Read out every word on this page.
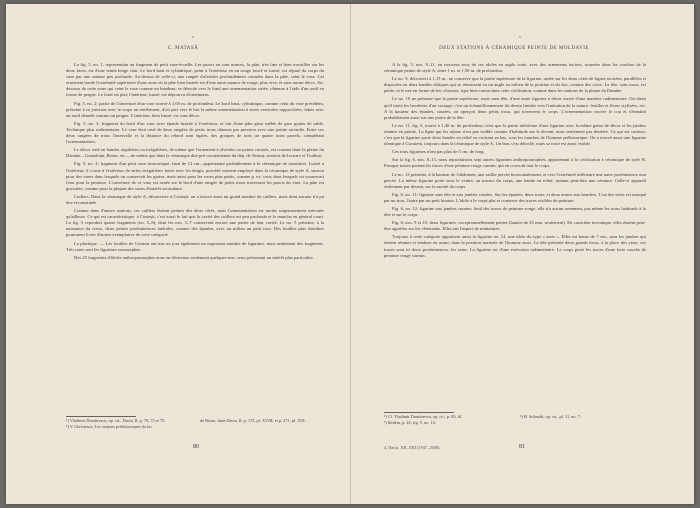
v
C. MATASĂ

La fig. 5, no. 1, reprezentăm un fragment de petit vase-écuelle. Les parois en sont minces, la pâte, très fine et bien travaillée sur les deux faces, est d'une teinte beige clair. Le bord haut et cylindrique, peint à l'extérieur en un rouge foncé et lustré, est séparé du corps du vase par une rainure peu profonde. Au-dessus de celle-ci, une rangée d'alvéoles profondément creusées dans la pâte, ceint le vase. Cet ornement borde l'extrémité supérieure d'une zone où la pâte bien lustrée est d'une autre nuance de rouge, plus vive, et sans aucun décor. Au-dessous de cette zone qui ceint le vase comme un bandeau, se déroule vers le fond une ornementation striée, obtenue à l'aide d'un outil en forme de peigne. Le fond est plat; l'intérieur, lustré, est dépourvu d'ornements.

Fig. 5, no. 2: partie de l'ouverture d'un vase trouvé à 1,60 m. de profondeur. Le bord haut, cylindrique, comme celui du vase précédent, présente à sa jonction avec le corps un renflement, d'où part vers le bas la même ornementation à stries verticales rapprochées, faites avec un outil dentelé comme un peigne. L'intérieur, bien lustré, est sans décor.

Fig. 5, no. 3: fragment du bord d'un vase avec épaule lustrée à l'extérieur, et fait d'une pâte grise mêlée de gros grains de sable. Technique plus rudimentaire. Le vase était orné de deux rangées de petits trous obtenus par pression avec une pointe arrondie. Entre ces deux rangées de trous l'intervalle et la distance du rebord sont égales, des groupes de trois un quatre trous parrels, complétant l'ornementation.

Le décor strié en bandes régulières ou irrégulières, de même que l'ornement à alvéoles ou points creusés, est courant dans la plaine du Danube—Gumelnița, Boian, etc.—de même que dans la céramique dite pré-cucutenienne du dép. de Neamț, stations de Izvoare et Trudești.

Fig. 5, no. 4: fragment d'un petit vase tronconique, haut de 12 cm., appartenant probablement à la céramique de transition. Lustré à l'intérieur, il s'orne à l'extérieur de stries irrégulières faites avec les doigts, procédé souvent employé dans la céramique de style A, surtout pour des vases dans lesquels on conservait les grains, mais aussi pour les vases plus petits, comme p. ex. ceux dans lesquels on conservait l'eau pour la peinture. L'ouverture de ce vase est ornée sur le bord d'une rangée de petits trous traversant les parois du vase. La pâte est grossière, comme pour la plupart des vases d'intérêt secondaire.

Cuillers. Dans la céramique de style A, découverte à Costești, on a trouvé aussi un grand nombre de cuillers, mais dont aucune n'a pu être reconstituée.

Comme dans d'autres stations, ces cuillers étaient peintes des deux côtés, mais l'ornementation est moins soigneusement exécutée qu'ailleurs. Ce qui est caractéristique, à Costești, c'est aussi le fait que la cavité des cuillers est peu profonde et le manche en général court. La fig. 5 reproduit quatre fragments (no. 5–8), dont les nos. 5–7 conservent encore une partie de leur cavité. Le no. 5 présente, à la naissance du creux, deux petites proéminences latérales, comme des épaules, avec au milieu un petit trou. Des feuilles plus étendues pourraient livrer d'autres exemplaires de cette catégorie.

La plastique. — Les fouilles de Costești ont mis au jour également un important nombre de figurines, mais seulement des fragments. Très rares sont les figurines zoomorphes.

Des 25 fragments d'idoles anthropomorphes nous en décrivons seulement quelques-uns, ceux présentant un intérêt plus particulier.

¹) Vladimir Dumitrescu, op. cit., Dacia, II, p. 78, 72 et 75.	de Boian, dans Dacia, II, p. 175, pl. XVIII, et p. 271, pl. XIX.
²) V. Christescu, Les stations préhistoriques du lac
80
v
DEUX STATIONS À CÉRAMIQUE PEINTE DE MOLDAVIE

A la fig. 5, nos. 9–11, on trouvera trois de ces idoles en argile cuite, avec des ornements incisés, trouvées dans les couches de la céramique peinte de style A, entre 1 m. et 1,50 m. de profondeur.

Le no. 9, découvert à 1,15 m., ne conserve que la partie supérieure de la figurine, ornée sur les deux côtés de lignes incisées, parallèles et disposées en deux bandes obliques qui se réunissent en un angle au milieu de la poitrine et du dos, comme des croix. La tête, sans trous, est petite, et le nez en forme de bec d'oiseau, type bien connu dans cette civilisation, comme dans les stations de la plaine du Danube.

Le no. 10 ne présente que la partie supérieure, mais sans tête, d'une autre figurine à décor incisé d'une manière rudimentaire. On dirait qu'il imite les broderies d'un corsage; c'est un échantillonnement du dessin limitée vers l'imitation de la nature: feuilles et fleurs stylisées, etc. A la hauteur des épaules, cassées, on aperçoit deux petits trous, qui traversent le corps. L'ornementation couvre le cou et s'étendait probablement aussi sur une partie de la tête.

Le no. 11, fig. 5, trouvé à 1,40 m. de profondeur, n'est que la partie inférieure d'une figurine avec la même genre de décor et les jambes réunies en pointe. La ligne qui les sépare n'est pas visible comme d'habitude sur le devant, mais seulement par derrière. Ce qui est curieux, c'est que la figurine porte deux bandes en relief en croisant en bas, sous les hanches de l'homme préhistorique. On a trouvé aussi une figurine identique à Cucuteni, toujours dans la céramique de style A. Un bras s'est détaché, mais sa trace est aussi visible.

Ces trois figurines n'ont pas plus de 5 cm. de long.

Sur la fig. 6, nos. 8–13, nous reproduisons sept autres figurines anthropomorphes, appartenant à la civilisation à céramique de style B. Presque toutes portent les traces d'une peinture rouge carmin, qui en couvrait tout le corps.

Le no. 13 présente, à la hauteur de l'abdomen, une saillie percée horizontalement, et vers l'extrémité inférieure une autre proéminence non percée. La même figurine porte sous le ventre, au travers du corps, une bande en relief, imitant peut-être une ceinture. Celle-ci apparaît seulement par devant, sur la moitié du corps.

Fig. 6, no. 11: figurine sans tête et aux jambes cassées. Sur les épaules, deux trous, et deux autres aux hanches. L'un des seins est marqué par un trou, l'autre par un petit bouton. L'idole a le corps plat et conserve des traces visibles de peinture.

Fig. 6, no. 12: figurine aux jambes cassées. Seul des traces de peinture rouge, elle n'a aucun ornement, pas même les trous habituels à la tête et sur le corps.

Fig. 6, nos. 9 et 10: deux figurines, exceptionnellement petites (hautes de 35 mm. seulement). De caractère tectonique, elles étaient peut-être agrafées sur les vêtements. Elles ont l'aspect de miniatures.

Toujours à cette catégorie appartient aussi la figurine no. 14, une idole du type « assis ». Elles est haute de 7 cm., sans les jambes qui étaient réunies et tendues en avant, dans la position normale de l'homme assis. La tête présente deux grands trous, à la place des yeux; ces traces sont ici deux proéminences, les seins. La figurine est d'une exécution rudimentaire. Le corps porte les traces d'une forte couche de peinture rouge carmin.

¹) Cf. Vladimir Dumitrescu, op. cit., p. 83, fil.	³) H. Schmidt, op. cit., pl. 11, no. 7.
²) Ibidem, p. 24, fig. 5, no. 14.
4. Dacia, XII–XIII (1947–1948).	81
